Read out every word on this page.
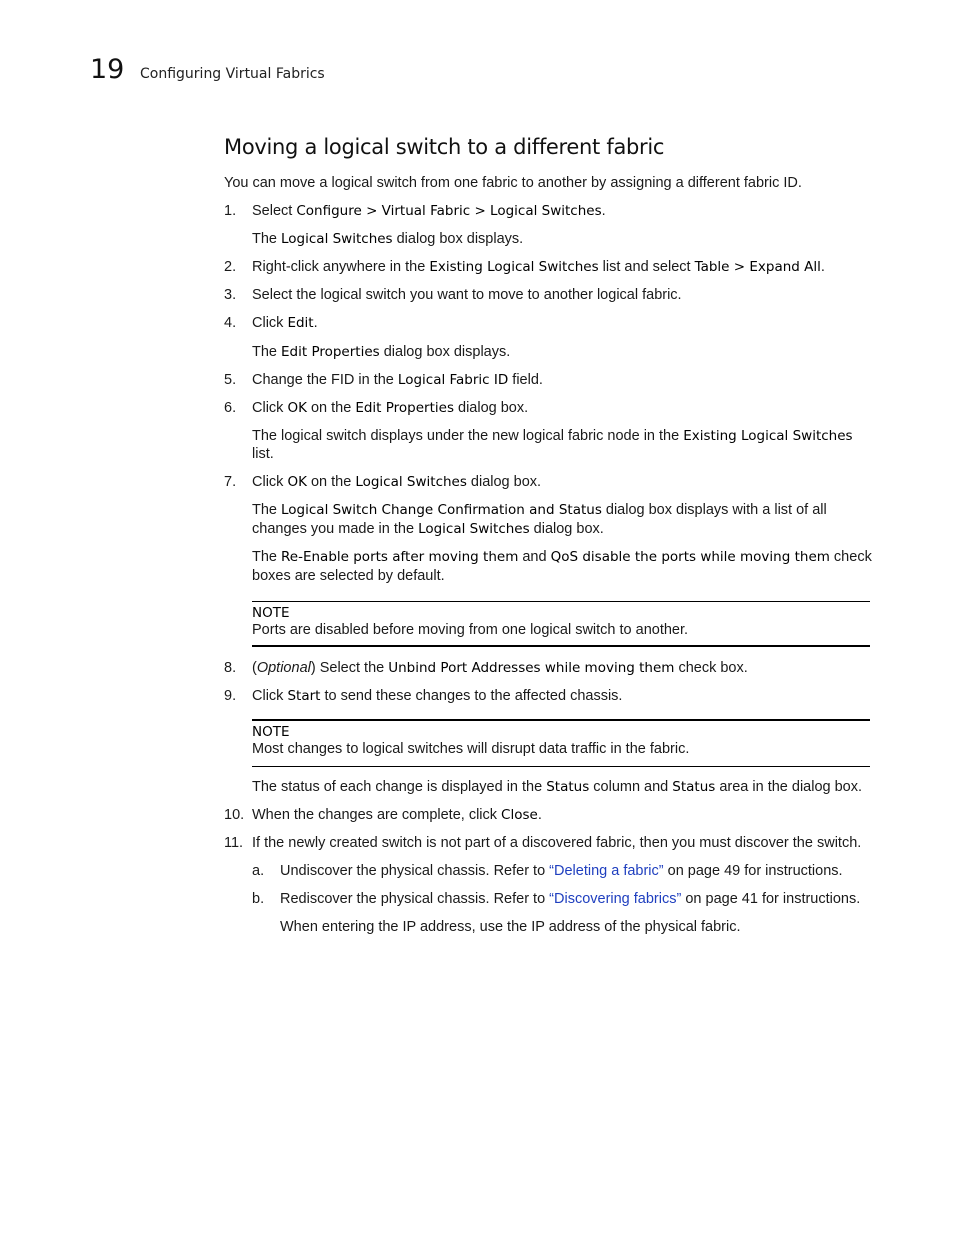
19 Configuring Virtual Fabrics
Moving a logical switch to a different fabric
You can move a logical switch from one fabric to another by assigning a different fabric ID.
1. Select Configure > Virtual Fabric > Logical Switches.
The Logical Switches dialog box displays.
2. Right-click anywhere in the Existing Logical Switches list and select Table > Expand All.
3. Select the logical switch you want to move to another logical fabric.
4. Click Edit.
The Edit Properties dialog box displays.
5. Change the FID in the Logical Fabric ID field.
6. Click OK on the Edit Properties dialog box.
The logical switch displays under the new logical fabric node in the Existing Logical Switches
list.
7. Click OK on the Logical Switches dialog box.
The Logical Switch Change Confirmation and Status dialog box displays with a list of all
changes you made in the Logical Switches dialog box.
The Re-Enable ports after moving them and QoS disable the ports while moving them check
boxes are selected by default.
NOTE
Ports are disabled before moving from one logical switch to another.
8. (Optional) Select the Unbind Port Addresses while moving them check box.
9. Click Start to send these changes to the affected chassis.
NOTE
Most changes to logical switches will disrupt data traffic in the fabric.
The status of each change is displayed in the Status column and Status area in the dialog box.
10. When the changes are complete, click Close.
11. If the newly created switch is not part of a discovered fabric, then you must discover the switch.
a. Undiscover the physical chassis. Refer to “Deleting a fabric” on page 49 for instructions.
b. Rediscover the physical chassis. Refer to “Discovering fabrics” on page 41 for instructions.
When entering the IP address, use the IP address of the physical fabric.
